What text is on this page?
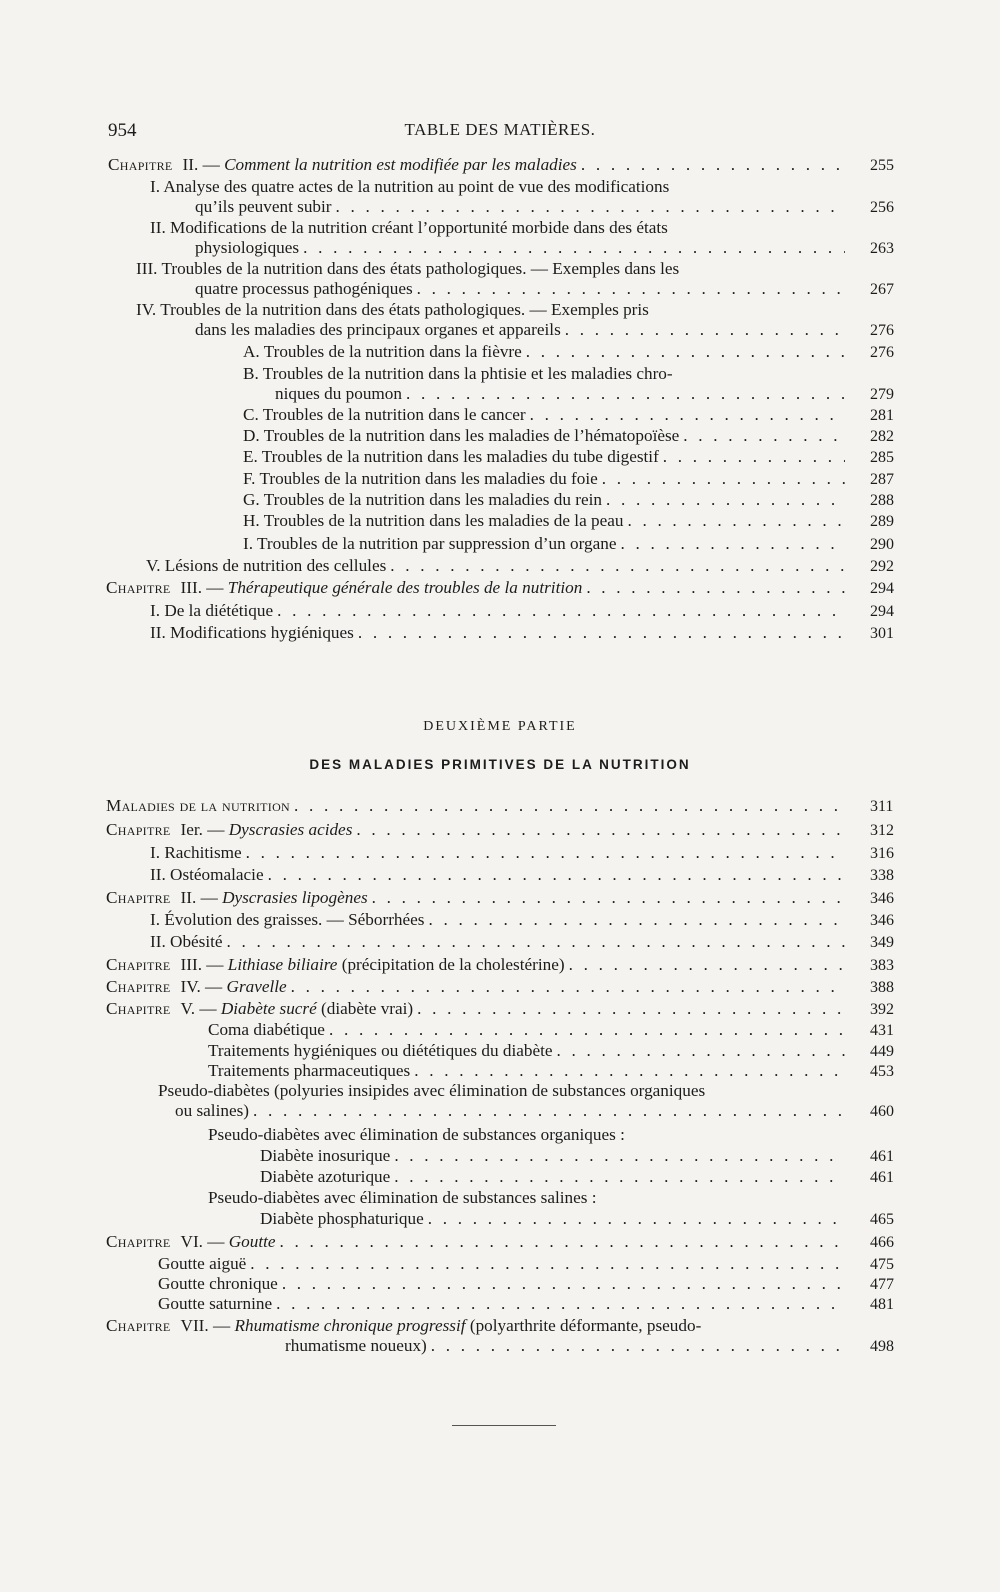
954	TABLE DES MATIÈRES.
Chapitre II. — Comment la nutrition est modifiée par les maladies . . .	255
I. Analyse des quatre actes de la nutrition au point de vue des modifications
qu’ils peuvent subir . . .	256
II. Modifications de la nutrition créant l’opportunité morbide dans des états
physiologiques . . .	263
III. Troubles de la nutrition dans des états pathologiques. — Exemples dans les
quatre processus pathogéniques . . .	267
IV. Troubles de la nutrition dans des états pathologiques. — Exemples pris
dans les maladies des principaux organes et appareils . . .	276
A. Troubles de la nutrition dans la fièvre . . .	276
B. Troubles de la nutrition dans la phtisie et les maladies chro-
niques du poumon . . .	279
C. Troubles de la nutrition dans le cancer . . .	281
D. Troubles de la nutrition dans les maladies de l’hématopoïèse . . .	282
E. Troubles de la nutrition dans les maladies du tube digestif . . .	285
F. Troubles de la nutrition dans les maladies du foie . . .	287
G. Troubles de la nutrition dans les maladies du rein . . .	288
H. Troubles de la nutrition dans les maladies de la peau . . .	289
I. Troubles de la nutrition par suppression d’un organe . . .	290
V. Lésions de nutrition des cellules . . .	292
Chapitre III. — Thérapeutique générale des troubles de la nutrition . . .	294
I. De la diététique . . .	294
II. Modifications hygiéniques . . .	301
Maladies de la nutrition . . .	311
Chapitre Ier. — Dyscrasies acides . . .	312
I. Rachitisme . . .	316
II. Ostéomalacie . . .	338
Chapitre II. — Dyscrasies lipogènes . . .	346
I. Évolution des graisses. — Séborrhées . . .	346
II. Obésité . . .	349
Chapitre III. — Lithiase biliaire (précipitation de la cholestérine) . . .	383
Chapitre IV. — Gravelle . . .	388
Chapitre V. — Diabète sucré (diabète vrai) . . .	392
Coma diabétique . . .	431
Traitements hygiéniques ou diététiques du diabète . . .	449
Traitements pharmaceutiques . . .	453
Pseudo-diabètes (polyuries insipides avec élimination de substances organiques
ou salines) . . .	460
Pseudo-diabètes avec élimination de substances organiques :
Diabète inosurique . . .	461
Diabète azoturique . . .	461
Pseudo-diabètes avec élimination de substances salines :
Diabète phosphaturique . . .	465
Chapitre VI. — Goutte . . .	466
Goutte aiguë . . .	475
Goutte chronique . . .	477
Goutte saturnine . . .	481
Chapitre VII. — Rhumatisme chronique progressif (polyarthrite déformante, pseudo-
rhumatisme noueux) . . .	498
DEUXIÈME PARTIE
DES MALADIES PRIMITIVES DE LA NUTRITION
